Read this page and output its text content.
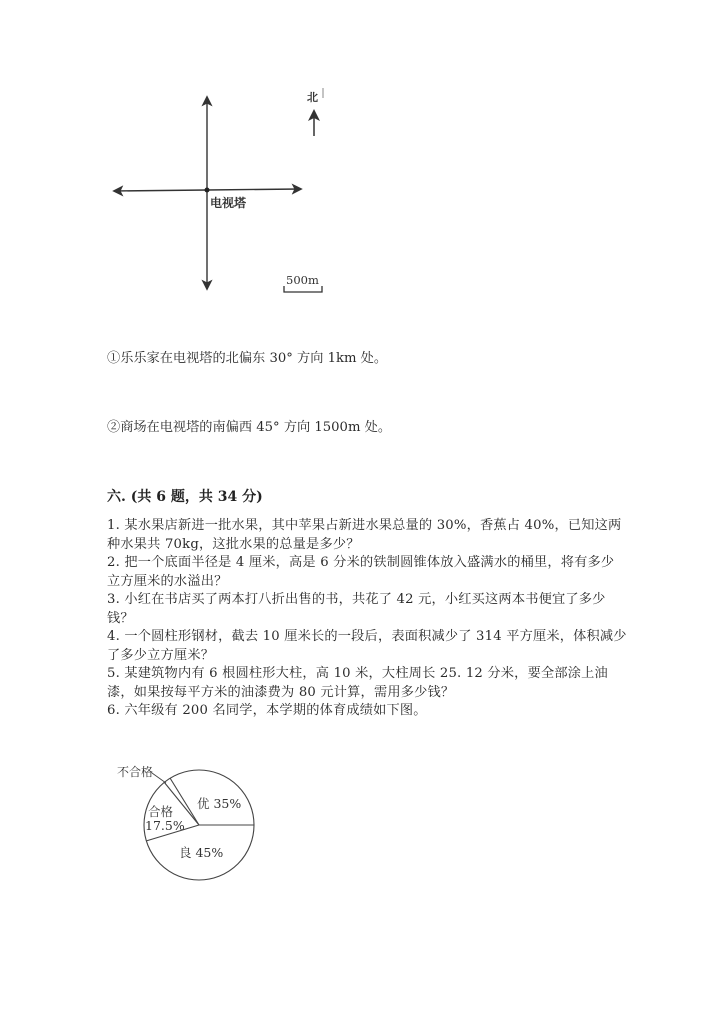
电视塔
北
500m
①乐乐家在电视塔的北偏东 30° 方向 1km 处。
②商场在电视塔的南偏西 45° 方向 1500m 处。
六. (共 6 题，共 34 分)

1. 某水果店新进一批水果，其中苹果占新进水果总量的 30%，香蕉占 40%，已知这两种水果共 70kg，这批水果的总量是多少？

2. 把一个底面半径是 4 厘米，高是 6 分米的铁制圆锥体放入盛满水的桶里，将有多少立方厘米的水溢出？

3. 小红在书店买了两本打八折出售的书，共花了 42 元，小红买这两本书便宜了多少钱？

4. 一个圆柱形钢材，截去 10 厘米长的一段后，表面积减少了 314 平方厘米，体积减少了多少立方厘米？

5. 某建筑物内有 6 根圆柱形大柱，高 10 米，大柱周长 25. 12 分米，要全部涂上油漆，如果按每平方米的油漆费为 80 元计算，需用多少钱？

6. 六年级有 200 名同学，本学期的体育成绩如下图。

不合格
合格
17.5%
优 35%
良 45%
